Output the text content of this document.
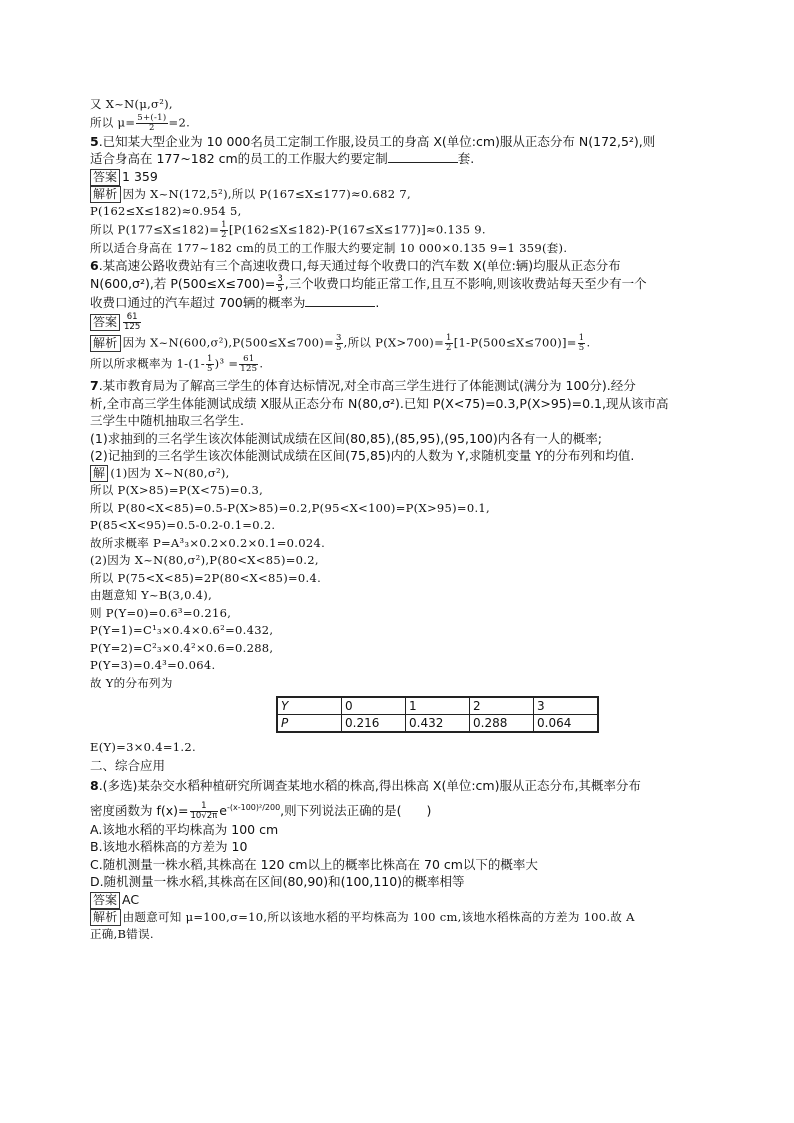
又 X~N(μ,σ²),
所以 $\mu= \frac{5+(-1)}{2} =2$.
5.已知某大型企业为 10 000名员工定制工作服,设员工的身高 X(单位:cm)服从正态分布 N(172,5²),则
适合身高在 177~182 cm的员工的工作服大约要定制	套.
答案 1 359
解析 因为 X~N(172,5²),所以 P(167≤X≤177)≈0.682 7,
P(162≤X≤182)≈0.954 5,
所以 $P(177\le X\le 182)= \frac{1}{2} [P(162\le X\le 182)-P(167\le X\le 177)]\approx 0.135$ 9.
所以适合身高在 177~182 cm的员工的工作服大约要定制 10 000×0.135 9=1 359(套).
6.某高速公路收费站有三个高速收费口,每天通过每个收费口的汽车数 X(单位:辆)均服从正态分布
N(600,σ²),若 $P(500\le X\le 700)= \frac{3}{5}$ ,三个收费口均能正常工作,且互不影响,则该收费站每天至少有一个
收费口通过的汽车超过 700辆的概率为	.
答案 $\frac{61}{125}$
解析 因为 X~N(600,σ²),P(500≤X≤700)= $\frac{3}{5}$ ,所以 $P(X>700)= \frac{1}{2} [1-P(500\le X\le 700)]= \frac{1}{5}$ .
所以所求概率为 $1-(1- \frac{1}{5} )^3 = \frac{61}{125}$ .
7.某市教育局为了解高三学生的体育达标情况,对全市高三学生进行了体能测试(满分为 100分).经分
析,全市高三学生体能测试成绩 X服从正态分布 N(80,σ²).已知 P(X<75)=0.3,P(X>95)=0.1,现从该市高
三学生中随机抽取三名学生.
(1)求抽到的三名学生该次体能测试成绩在区间(80,85),(85,95),(95,100)内各有一人的概率;
(2)记抽到的三名学生该次体能测试成绩在区间(75,85)内的人数为 Y,求随机变量 Y的分布列和均值.
解 (1)因为 X~N(80,σ²),
所以 P(X>85)=P(X<75)=0.3,
所以 P(80<X<85)=0.5-P(X>85)=0.2,P(95<X<100)=P(X>95)=0.1,
P(85<X<95)=0.5-0.2-0.1=0.2.
故所求概率 P=A³₃×0.2×0.2×0.1=0.024.
(2)因为 X~N(80,σ²),P(80<X<85)=0.2,
所以 P(75<X<85)=2P(80<X<85)=0.4.
由题意知 Y~B(3,0.4),
则 P(Y=0)=0.6³=0.216,
P(Y=1)=C¹₃×0.4×0.6²=0.432,
P(Y=2)=C²₃×0.4²×0.6=0.288,
P(Y=3)=0.4³=0.064.
故 Y的分布列为
Y	0	1	2	3
P	0.216	0.432	0.288	0.064
E(Y)=3×0.4=1.2.
二、综合应用
8.(多选)某杂交水稻种植研究所调查某地水稻的株高,得出株高 X(单位:cm)服从正态分布,其概率分布
密度函数为 $f(x)= \frac{1}{10√2\pi} e^{-(x-100)^2/200}$,则下列说法正确的是(　　)
A.该地水稻的平均株高为 100 cm
B.该地水稻株高的方差为 10
C.随机测量一株水稻,其株高在 120 cm以上的概率比株高在 70 cm以下的概率大
D.随机测量一株水稻,其株高在区间(80,90)和(100,110)的概率相等
答案 AC
解析 由题意可知 μ=100,σ=10,所以该地水稻的平均株高为 100 cm,该地水稻株高的方差为 100.故 A
正确,B错误.
